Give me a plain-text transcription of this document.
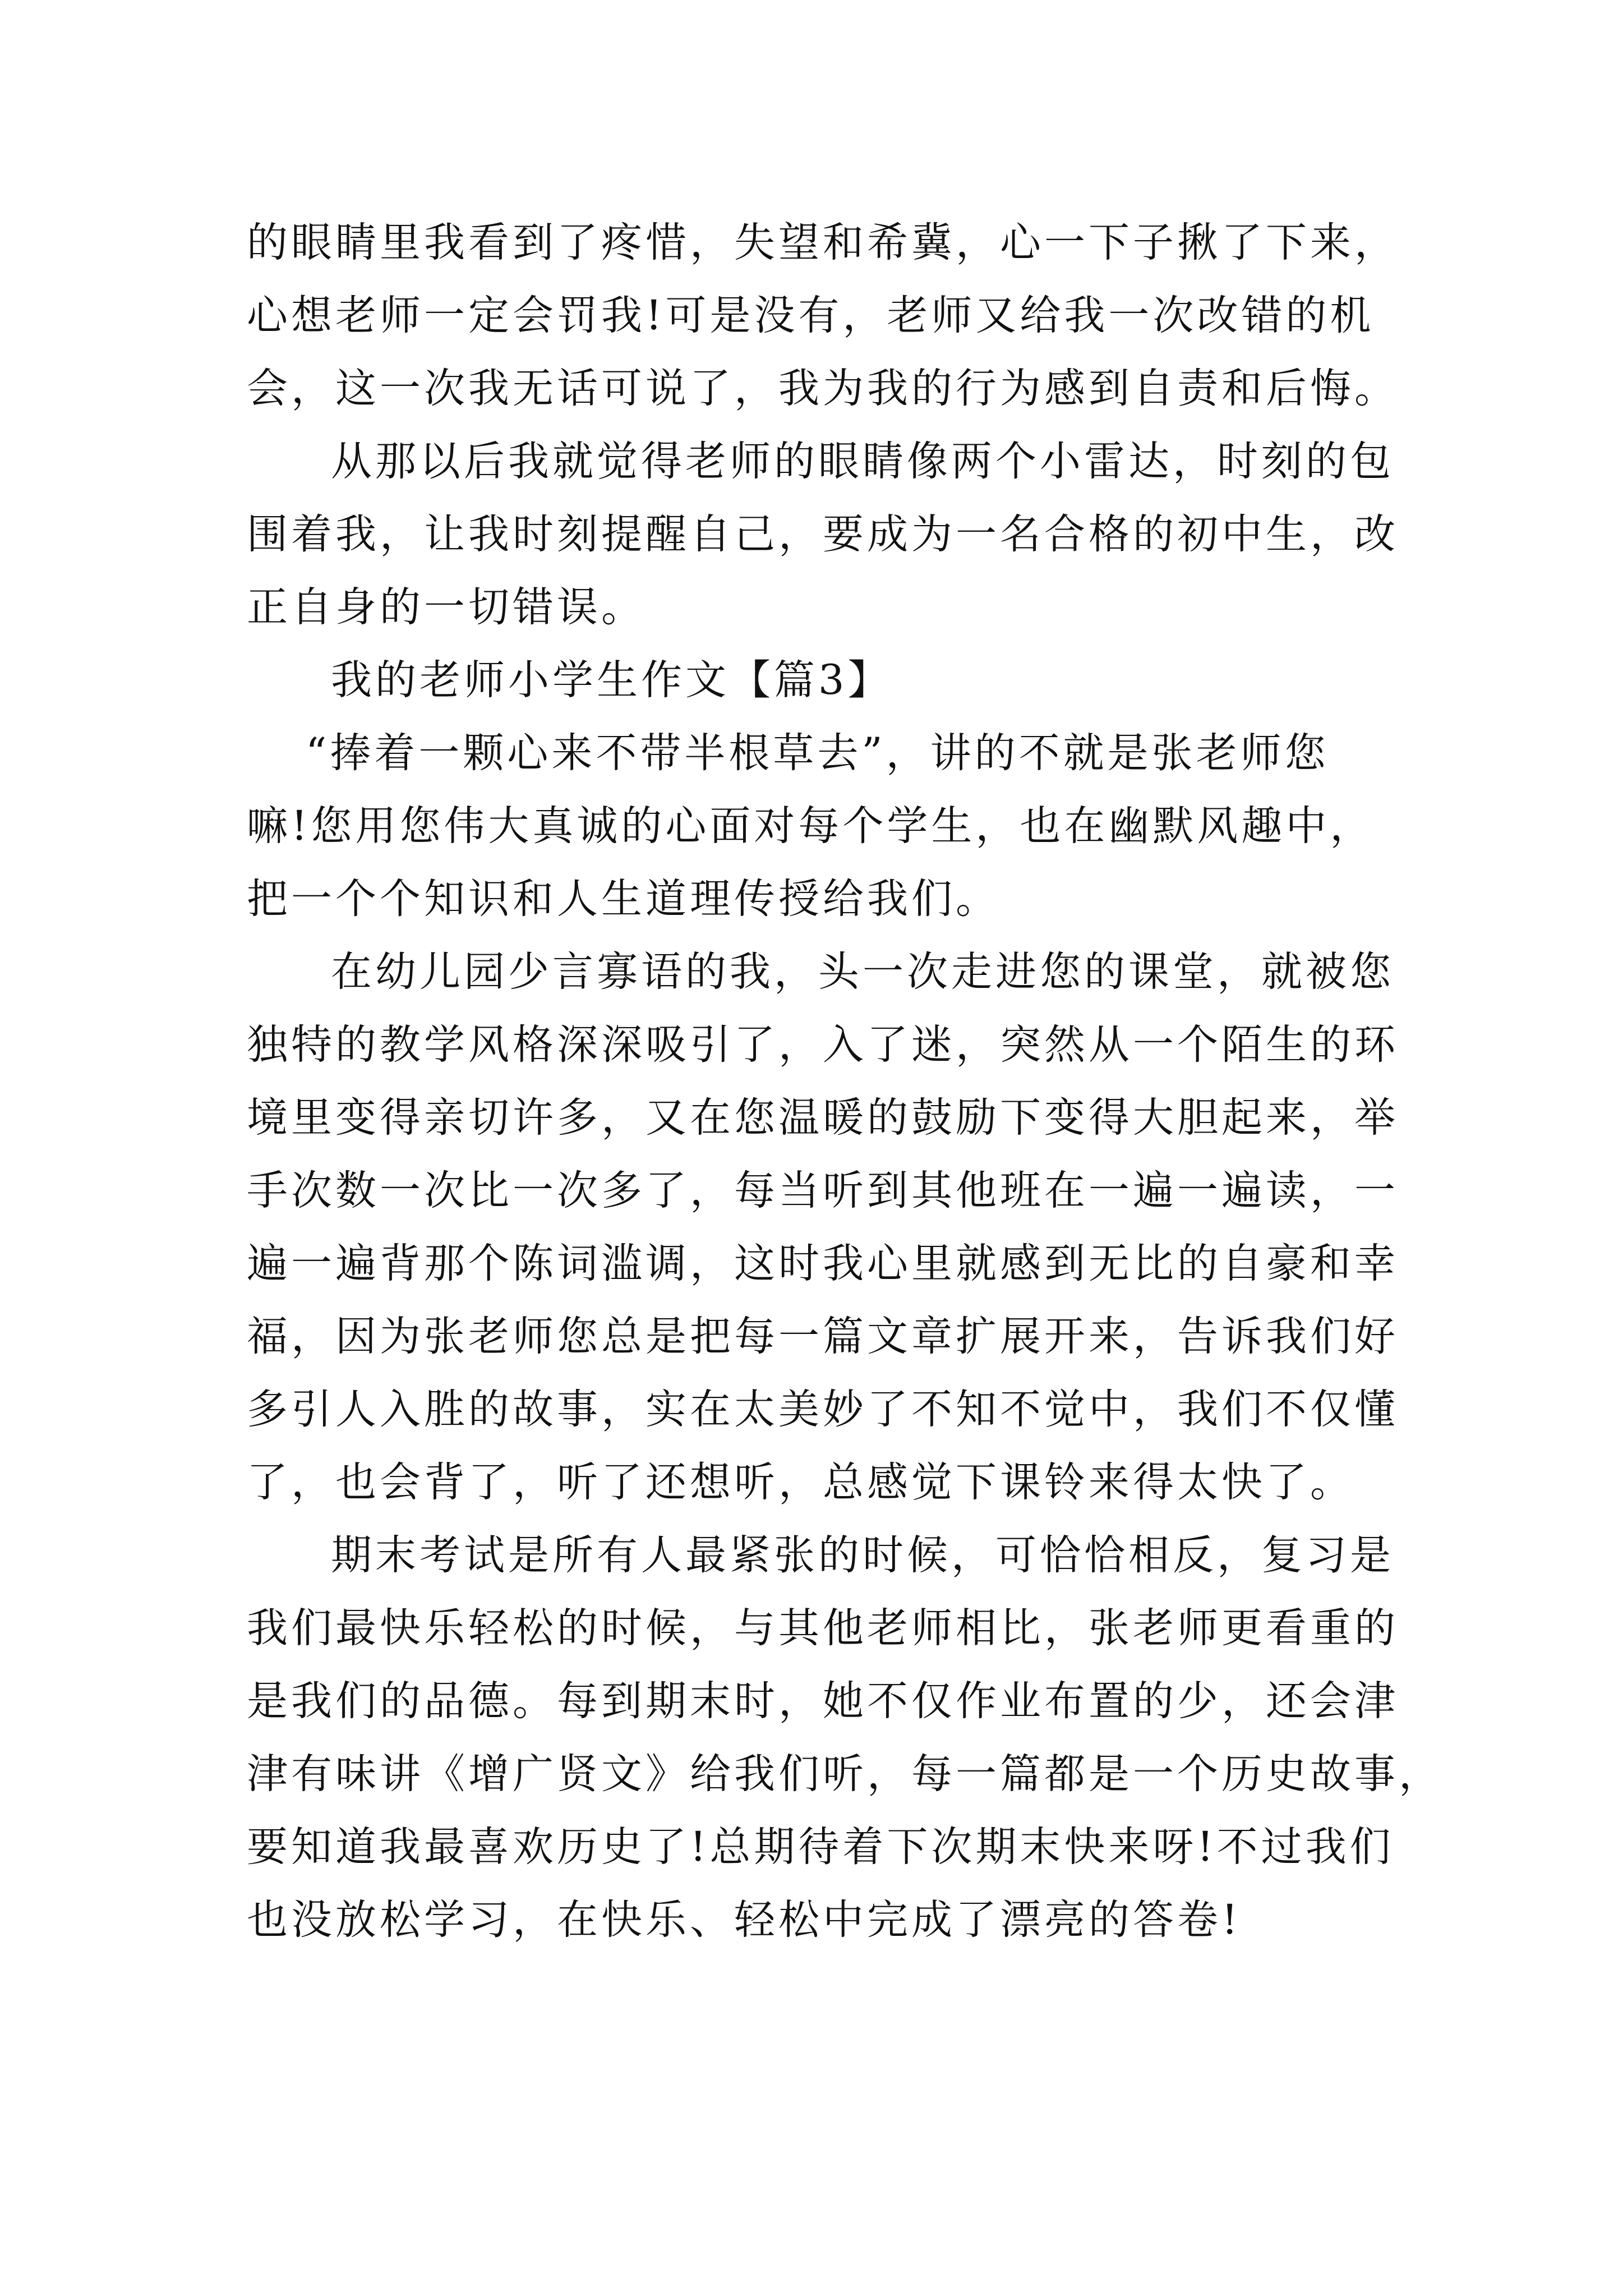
的眼睛里我看到了疼惜，失望和希冀，心一下子揪了下来，

心想老师一定会罚我!可是没有，老师又给我一次改错的机

会，这一次我无话可说了，我为我的行为感到自责和后悔。

从那以后我就觉得老师的眼睛像两个小雷达，时刻的包

围着我，让我时刻提醒自己，要成为一名合格的初中生，改

正自身的一切错误。

我的老师小学生作文【篇3】

“捧着一颗心来不带半根草去”，讲的不就是张老师您

嘛!您用您伟大真诚的心面对每个学生，也在幽默风趣中，

把一个个知识和人生道理传授给我们。

在幼儿园少言寡语的我，头一次走进您的课堂，就被您

独特的教学风格深深吸引了，入了迷，突然从一个陌生的环

境里变得亲切许多，又在您温暖的鼓励下变得大胆起来，举

手次数一次比一次多了，每当听到其他班在一遍一遍读，一

遍一遍背那个陈词滥调，这时我心里就感到无比的自豪和幸

福，因为张老师您总是把每一篇文章扩展开来，告诉我们好

多引人入胜的故事，实在太美妙了不知不觉中，我们不仅懂

了，也会背了，听了还想听，总感觉下课铃来得太快了。

期末考试是所有人最紧张的时候，可恰恰相反，复习是

我们最快乐轻松的时候，与其他老师相比，张老师更看重的

是我们的品德。每到期末时，她不仅作业布置的少，还会津

津有味讲《增广贤文》给我们听，每一篇都是一个历史故事，

要知道我最喜欢历史了!总期待着下次期末快来呀!不过我们

也没放松学习，在快乐、轻松中完成了漂亮的答卷!
